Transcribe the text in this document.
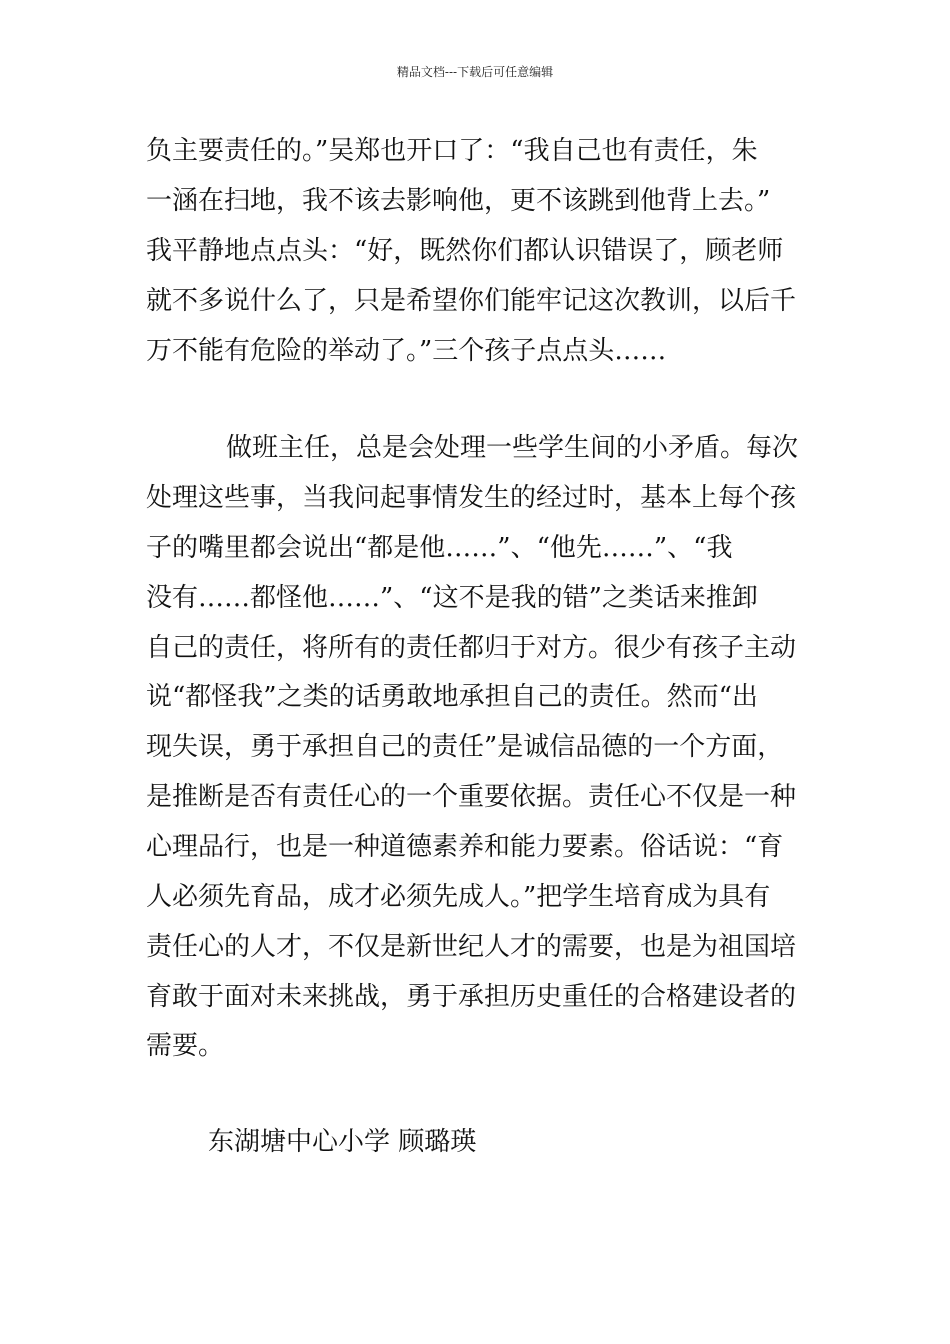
精品文档---下载后可任意编辑
负主要责任的。”吴郑也开口了：“我自己也有责任，朱
一涵在扫地，我不该去影响他，更不该跳到他背上去。”
我平静地点点头：“好，既然你们都认识错误了，顾老师
就不多说什么了，只是希望你们能牢记这次教训，以后千
万不能有危险的举动了。”三个孩子点点头……
做班主任，总是会处理一些学生间的小矛盾。每次
处理这些事，当我问起事情发生的经过时，基本上每个孩
子的嘴里都会说出“都是他……”、“他先……”、“我
没有……都怪他……”、“这不是我的错”之类话来推卸
自己的责任，将所有的责任都归于对方。很少有孩子主动
说“都怪我”之类的话勇敢地承担自己的责任。然而“出
现失误，勇于承担自己的责任”是诚信品德的一个方面，
是推断是否有责任心的一个重要依据。责任心不仅是一种
心理品行，也是一种道德素养和能力要素。俗话说：“育
人必须先育品，成才必须先成人。”把学生培育成为具有
责任心的人才，不仅是新世纪人才的需要，也是为祖国培
育敢于面对未来挑战，勇于承担历史重任的合格建设者的
需要。
东湖塘中心小学 顾璐瑛
